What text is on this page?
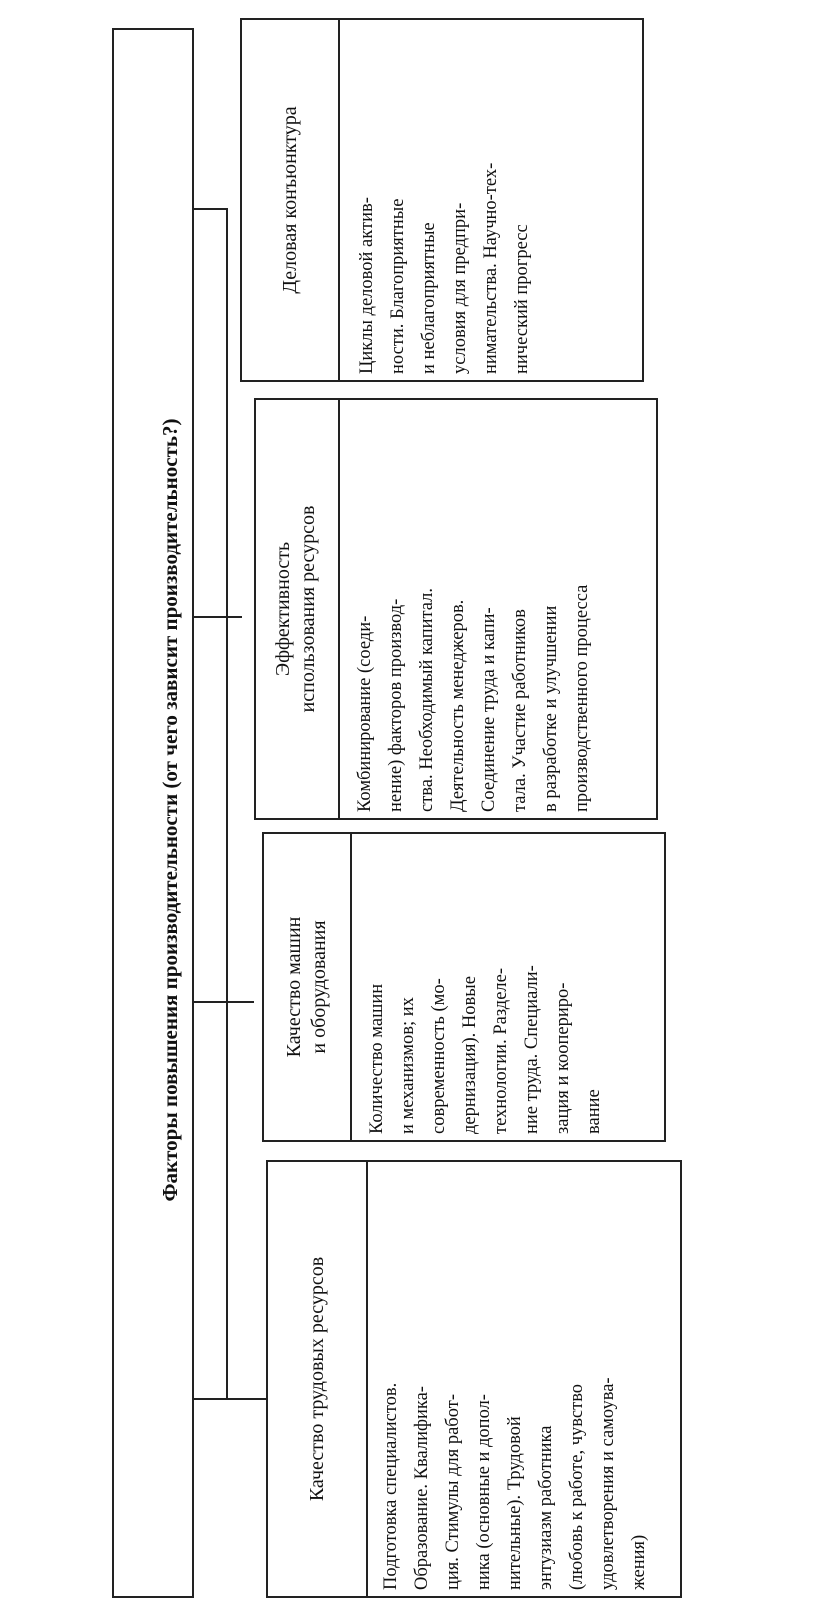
Факторы повышения производительности (от чего зависит производительность?)
Деловая конъюнктура
Циклы деловой актив-
ности. Благоприятные
и неблагоприятные
условия для предпри-
нимательства. Научно-тех-
нический прогресс
Эффективность
использования ресурсов
Комбинирование (соеди-
нение) факторов производ-
ства. Необходимый капитал.
Деятельность менеджеров.
Соединение труда и капи-
тала. Участие работников
в разработке и улучшении
производственного процесса
Качество машин
и оборудования
Количество машин
и механизмов; их
современность (мо-
дернизация). Новые
технологии. Разделе-
ние труда. Специали-
зация и коопериро-
вание
Качество трудовых ресурсов
Подготовка специалистов.
Образование. Квалифика-
ция. Стимулы для работ-
ника (основные и допол-
нительные). Трудовой
энтузиазм работника
(любовь к работе, чувство
удовлетворения и самоува-
жения)
